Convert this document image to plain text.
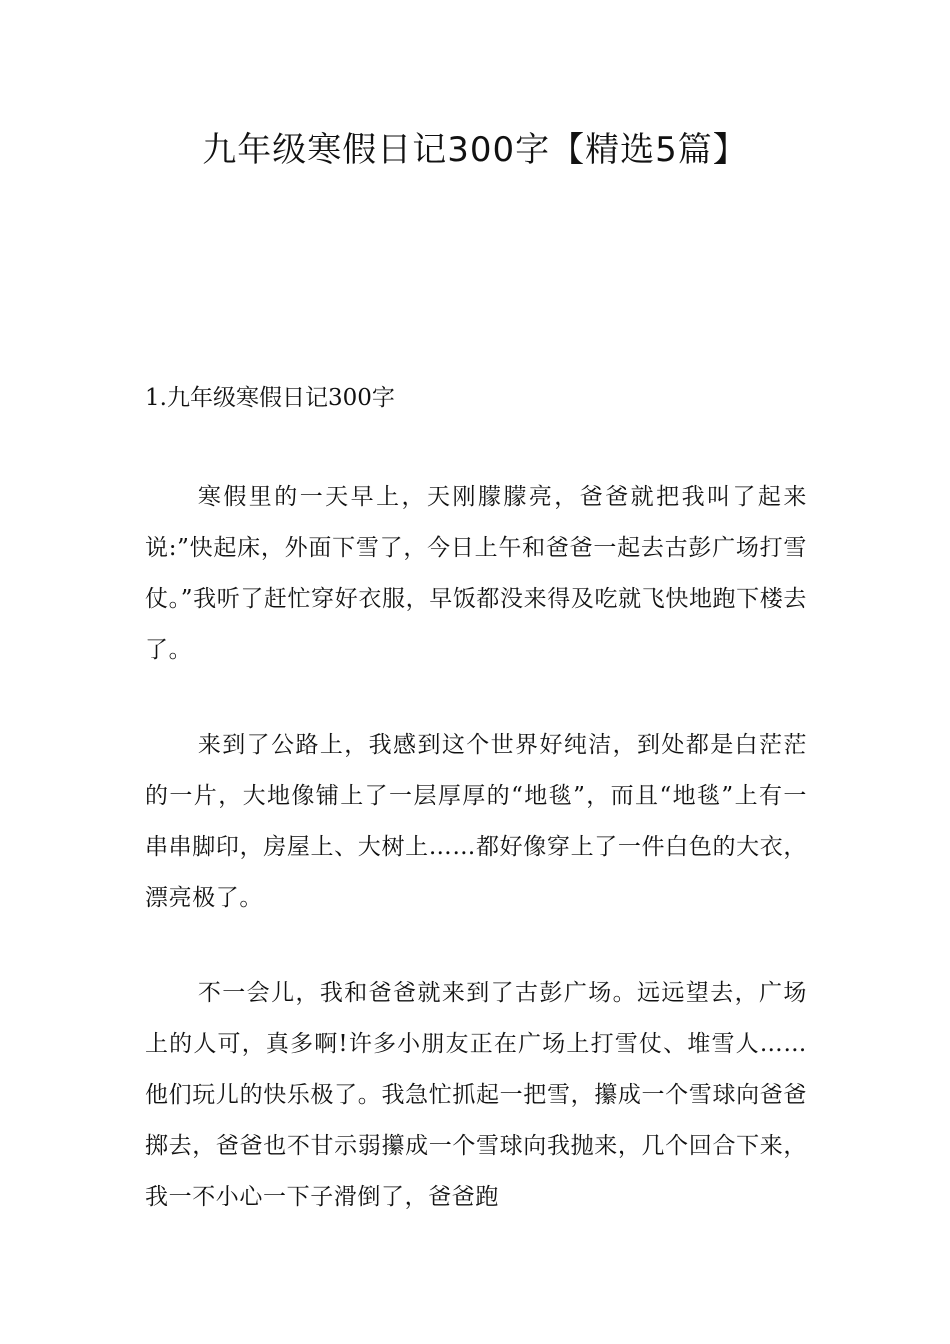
九年级寒假日记300字【精选5篇】
1.九年级寒假日记300字

寒假里的一天早上，天刚朦朦亮，爸爸就把我叫了起来说:”快起床，外面下雪了，今日上午和爸爸一起去古彭广场打雪仗。”我听了赶忙穿好衣服，早饭都没来得及吃就飞快地跑下楼去了。

来到了公路上，我感到这个世界好纯洁，到处都是白茫茫的一片，大地像铺上了一层厚厚的“地毯”，而且“地毯”上有一串串脚印，房屋上、大树上……都好像穿上了一件白色的大衣，漂亮极了。

不一会儿，我和爸爸就来到了古彭广场。远远望去，广场上的人可，真多啊!许多小朋友正在广场上打雪仗、堆雪人……他们玩儿的快乐极了。我急忙抓起一把雪，攥成一个雪球向爸爸掷去，爸爸也不甘示弱攥成一个雪球向我抛来，几个回合下来，我一不小心一下子滑倒了，爸爸跑
